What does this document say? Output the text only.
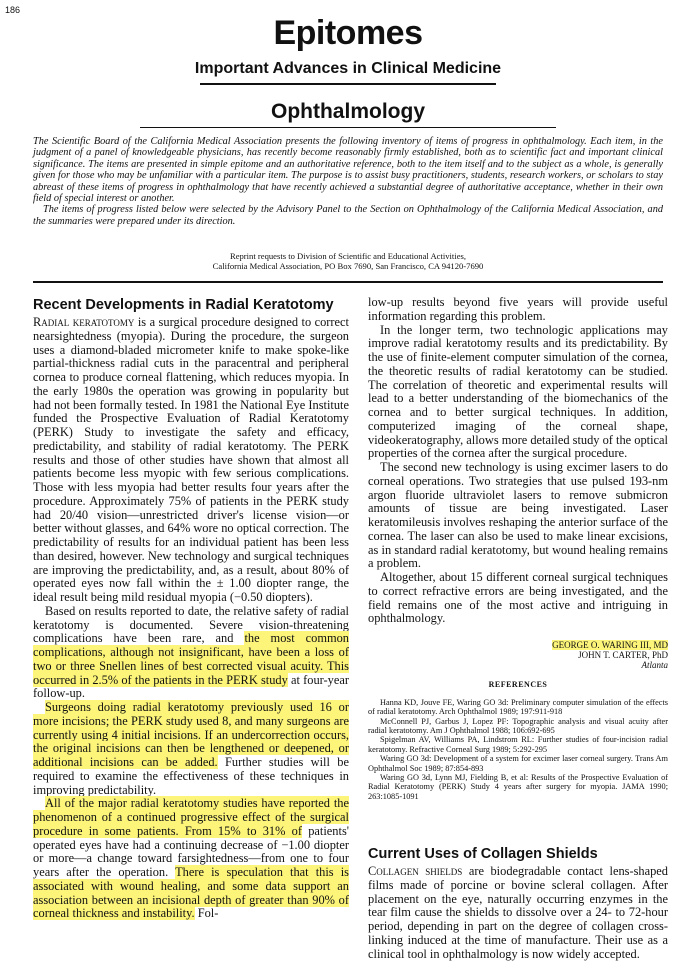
186
Epitomes
Important Advances in Clinical Medicine
Ophthalmology

The Scientific Board of the California Medical Association presents the following inventory of items of progress in ophthalmology. Each item, in the judgment of a panel of knowledgeable physicians, has recently become reasonably firmly established, both as to scientific fact and important clinical significance. The items are presented in simple epitome and an authoritative reference, both to the item itself and to the subject as a whole, is generally given for those who may be unfamiliar with a particular item. The purpose is to assist busy practitioners, students, research workers, or scholars to stay abreast of these items of progress in ophthalmology that have recently achieved a substantial degree of authoritative acceptance, whether in their own field of special interest or another.

The items of progress listed below were selected by the Advisory Panel to the Section on Ophthalmology of the California Medical Association, and the summaries were prepared under its direction.

Reprint requests to Division of Scientific and Educational Activities,
California Medical Association, PO Box 7690, San Francisco, CA 94120-7690
Recent Developments in Radial Keratotomy

Radial keratotomy is a surgical procedure designed to correct nearsightedness (myopia). During the procedure, the surgeon uses a diamond-bladed micrometer knife to make spoke-like partial-thickness radial cuts in the paracentral and peripheral cornea to produce corneal flattening, which reduces myopia. In the early 1980s the operation was growing in popularity but had not been formally tested. In 1981 the National Eye Institute funded the Prospective Evaluation of Radial Keratotomy (PERK) Study to investigate the safety and efficacy, predictability, and stability of radial keratotomy. The PERK results and those of other studies have shown that almost all patients become less myopic with few serious complications. Those with less myopia had better results four years after the procedure. Approximately 75% of patients in the PERK study had 20/40 vision—unrestricted driver's license vision—or better without glasses, and 64% wore no optical correction. The predictability of results for an individual patient has been less than desired, however. New technology and surgical techniques are improving the predictability, and, as a result, about 80% of operated eyes now fall within the ± 1.00 diopter range, the ideal result being mild residual myopia (−0.50 diopters).

Based on results reported to date, the relative safety of radial keratotomy is documented. Severe vision-threatening complications have been rare, and the most common complications, although not insignificant, have been a loss of two or three Snellen lines of best corrected visual acuity. This occurred in 2.5% of the patients in the PERK study at four-year follow-up.

Surgeons doing radial keratotomy previously used 16 or more incisions; the PERK study used 8, and many surgeons are currently using 4 initial incisions. If an undercorrection occurs, the original incisions can then be lengthened or deepened, or additional incisions can be added. Further studies will be required to examine the effectiveness of these techniques in improving predictability.

All of the major radial keratotomy studies have reported the phenomenon of a continued progressive effect of the surgical procedure in some patients. From 15% to 31% of patients' operated eyes have had a continuing decrease of −1.00 diopter or more—a change toward farsightedness—from one to four years after the operation. There is speculation that this is associated with wound healing, and some data support an association between an incisional depth of greater than 90% of corneal thickness and instability. Fol-

low-up results beyond five years will provide useful information regarding this problem.

In the longer term, two technologic applications may improve radial keratotomy results and its predictability. By the use of finite-element computer simulation of the cornea, the theoretic results of radial keratotomy can be studied. The correlation of theoretic and experimental results will lead to a better understanding of the biomechanics of the cornea and to better surgical techniques. In addition, computerized imaging of the corneal shape, videokeratography, allows more detailed study of the optical properties of the cornea after the surgical procedure.

The second new technology is using excimer lasers to do corneal operations. Two strategies that use pulsed 193-nm argon fluoride ultraviolet lasers to remove submicron amounts of tissue are being investigated. Laser keratomileusis involves reshaping the anterior surface of the cornea. The laser can also be used to make linear excisions, as in standard radial keratotomy, but wound healing remains a problem.

Altogether, about 15 different corneal surgical techniques to correct refractive errors are being investigated, and the field remains one of the most active and intriguing in ophthalmology.

GEORGE O. WARING III, MD
JOHN T. CARTER, PhD
Atlanta
REFERENCES

Hanna KD, Jouve FE, Waring GO 3d: Preliminary computer simulation of the effects of radial keratotomy. Arch Ophthalmol 1989; 197:911-918

McConnell PJ, Garbus J, Lopez PF: Topographic analysis and visual acuity after radial keratotomy. Am J Ophthalmol 1988; 106:692-695

Spigelman AV, Williams PA, Lindstrom RL: Further studies of four-incision radial keratotomy. Refractive Corneal Surg 1989; 5:292-295

Waring GO 3d: Development of a system for excimer laser corneal surgery. Trans Am Ophthalmol Soc 1989; 87:854-893

Waring GO 3d, Lynn MJ, Fielding B, et al: Results of the Prospective Evaluation of Radial Keratotomy (PERK) Study 4 years after surgery for myopia. JAMA 1990; 263:1085-1091

Current Uses of Collagen Shields

Collagen shields are biodegradable contact lens-shaped films made of porcine or bovine scleral collagen. After placement on the eye, naturally occurring enzymes in the tear film cause the shields to dissolve over a 24- to 72-hour period, depending in part on the degree of collagen cross-linking induced at the time of manufacture. Their use as a clinical tool in ophthalmology is now widely accepted.
